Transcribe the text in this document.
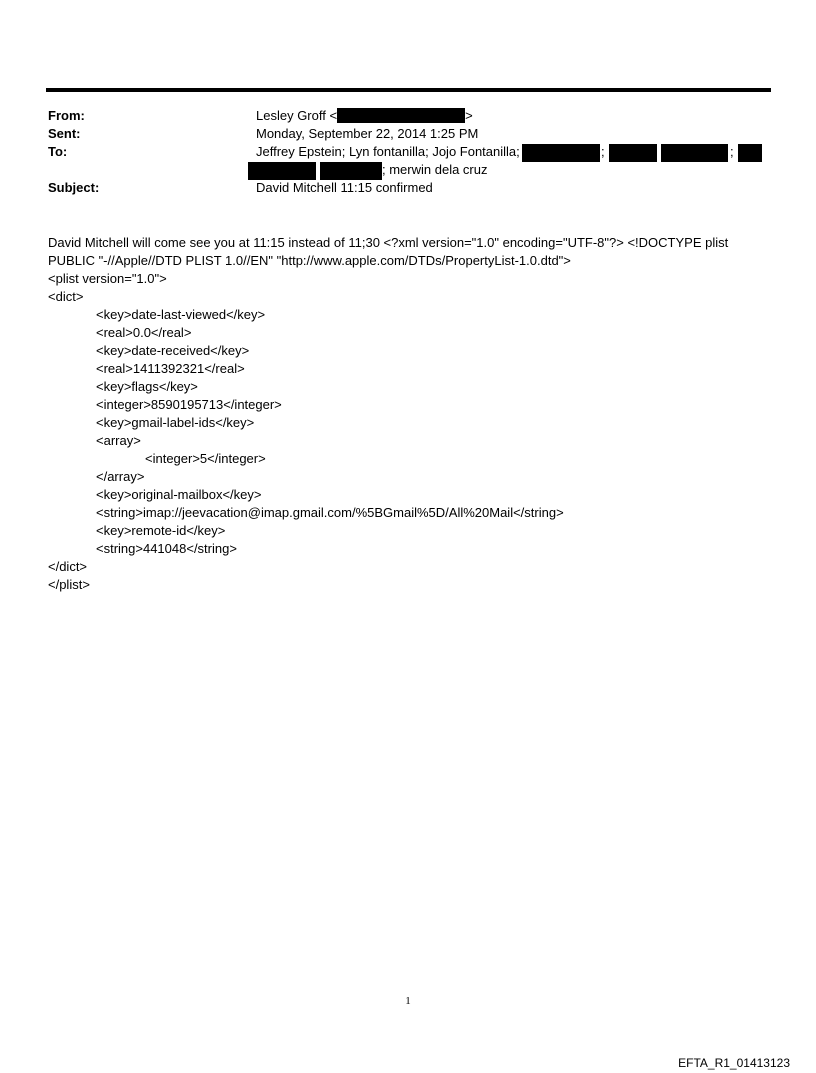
From:	Lesley Groff <	>
Sent:	Monday, September 22, 2014 1:25 PM
To:	Jeffrey Epstein; Lyn fontanilla; Jojo Fontanilla;	;	;
; merwin dela cruz
Subject:	David Mitchell 11:15 confirmed
David Mitchell will come see you at 11:15 instead of 11;30 <?xml version="1.0" encoding="UTF-8"?> <!DOCTYPE plist
PUBLIC "-//Apple//DTD PLIST 1.0//EN" "http://www.apple.com/DTDs/PropertyList-1.0.dtd">
<plist version="1.0">
<dict>
<key>date-last-viewed</key>
<real>0.0</real>
<key>date-received</key>
<real>1411392321</real>
<key>flags</key>
<integer>8590195713</integer>
<key>gmail-label-ids</key>
<array>
<integer>5</integer>
</array>
<key>original-mailbox</key>
<string>imap://jeevacation@imap.gmail.com/%5BGmail%5D/All%20Mail</string>
<key>remote-id</key>
<string>441048</string>
</dict>
</plist>
1
EFTA_R1_01413123
